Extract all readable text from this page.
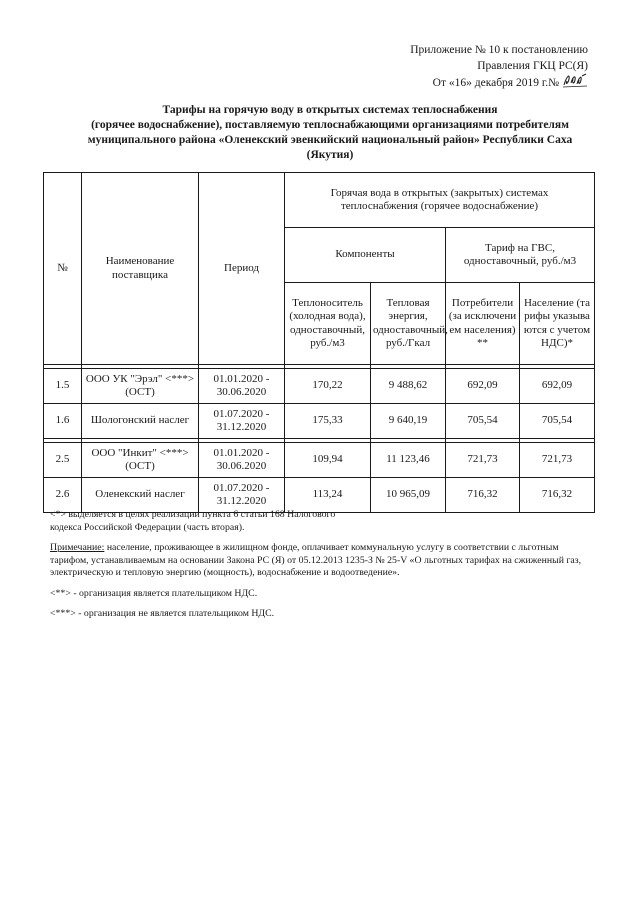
Приложение № 10 к постановлению
Правления ГКЦ РС(Я)
От «16» декабря 2019 г.№
Тарифы на горячую воду в открытых системах теплоснабжения
(горячее водоснабжение), поставляемую теплоснабжающими организациями потребителям
муниципального района «Оленекский эвенкийский национальный район» Республики Саха
(Якутия)
№	Наименование поставщика	Период	Горячая вода в открытых (закрытых) системах теплоснабжения (горячее водоснабжение)			
			Компоненты		Тариф на ГВС, одноставочный, руб./м3	
			Теплоноситель (холодная вода), одноставочный, руб./м3	Тепловая энергия, одноставочный, руб./Гкал	Потребители (за исключением населения)**	Население (тарифы указываются с учетом НДС)*

1.5	ООО УК "Эрэл" <***> (ОСТ)	01.01.2020 - 30.06.2020	170,22	9 488,62	692,09	692,09
1.6	Шологонский наслег	01.07.2020 - 31.12.2020	175,33	9 640,19	705,54	705,54

2.5	ООО "Инкит" <***> (ОСТ)	01.01.2020 - 30.06.2020	109,94	11 123,46	721,73	721,73
2.6	Оленекский наслег	01.07.2020 - 31.12.2020	113,24	10 965,09	716,32	716,32

<*> выделяется в целях реализации пункта 6 статьи 168 Налогового
кодекса Российской Федерации (часть вторая).

Примечание: население, проживающее в жилищном фонде, оплачивает коммунальную услугу в соответствии с льготным
тарифом, устанавливаемым на основании Закона РС (Я) от 05.12.2013 1235-З № 25-V «О льготных тарифах на сжиженный газ,
электрическую и тепловую энергию (мощность), водоснабжение и водоотведение».

<**> - организация является плательщиком НДС.

<***> - организация не является плательщиком НДС.
